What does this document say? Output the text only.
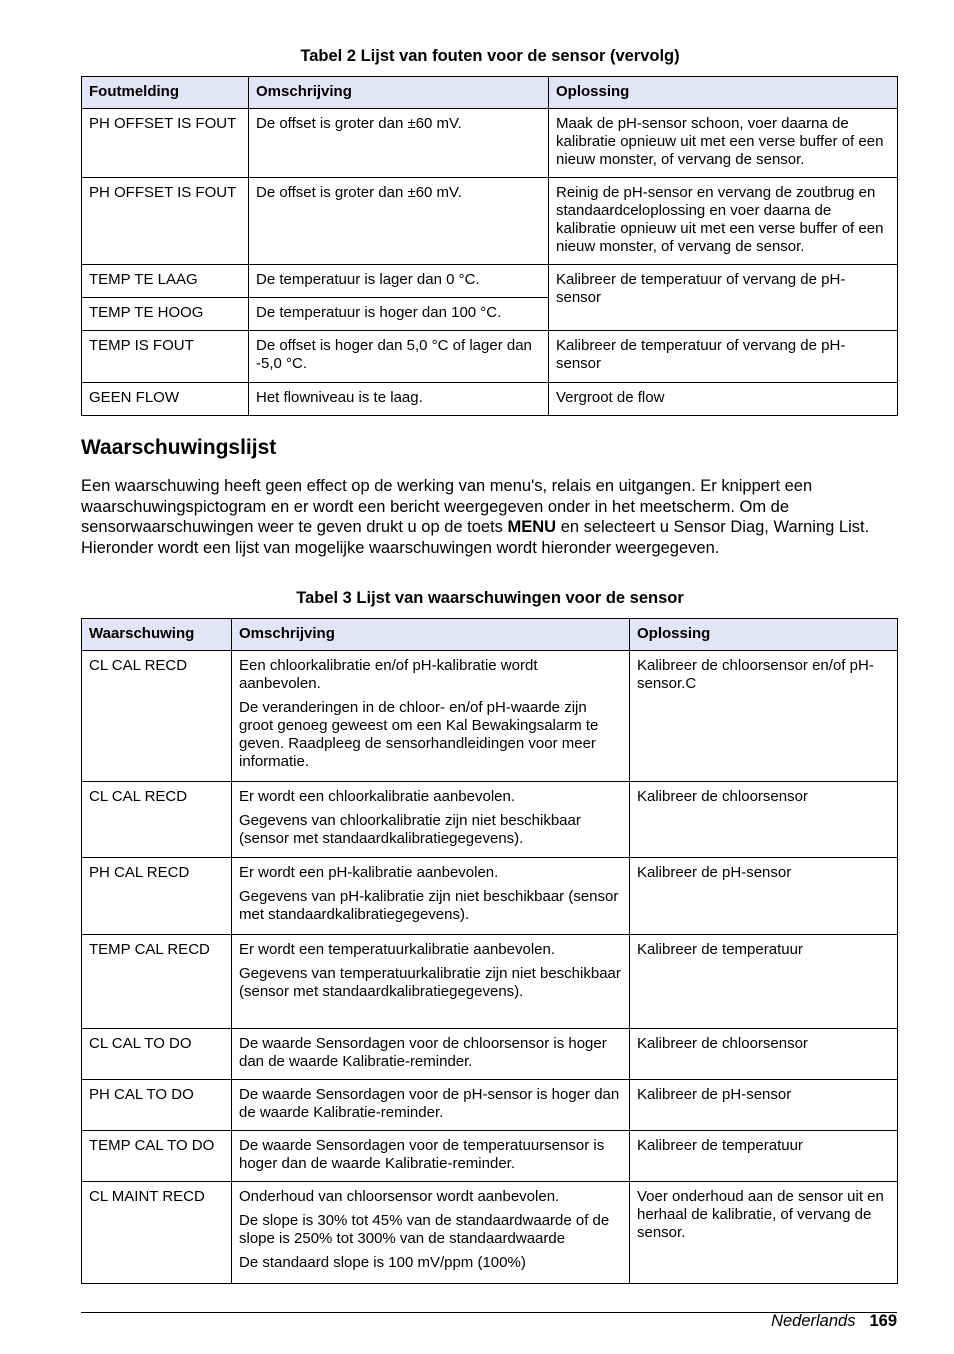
Tabel 2 Lijst van fouten voor de sensor (vervolg)
Foutmelding	Omschrijving	Oplossing
PH OFFSET IS FOUT	De offset is groter dan ±60 mV.	Maak de pH-sensor schoon, voer daarna de kalibratie opnieuw uit met een verse buffer of een nieuw monster, of vervang de sensor.
PH OFFSET IS FOUT	De offset is groter dan ±60 mV.	Reinig de pH-sensor en vervang de zoutbrug en standaardceloplossing en voer daarna de kalibratie opnieuw uit met een verse buffer of een nieuw monster, of vervang de sensor.
TEMP TE LAAG	De temperatuur is lager dan 0 °C.	Kalibreer de temperatuur of vervang de pH-sensor
TEMP TE HOOG	De temperatuur is hoger dan 100 °C.	
TEMP IS FOUT	De offset is hoger dan 5,0 °C of lager dan -5,0 °C.	Kalibreer de temperatuur of vervang de pH-sensor
GEEN FLOW	Het flowniveau is te laag.	Vergroot de flow
Waarschuwingslijst

Een waarschuwing heeft geen effect op de werking van menu's, relais en uitgangen. Er knippert een waarschuwingspictogram en er wordt een bericht weergegeven onder in het meetscherm. Om de sensorwaarschuwingen weer te geven drukt u op de toets MENU en selecteert u Sensor Diag, Warning List. Hieronder wordt een lijst van mogelijke waarschuwingen wordt hieronder weergegeven.

Tabel 3 Lijst van waarschuwingen voor de sensor
Waarschuwing	Omschrijving	Oplossing
CL CAL RECD	Een chloorkalibratie en/of pH-kalibratie wordt aanbevolen.

De veranderingen in de chloor- en/of pH-waarde zijn groot genoeg geweest om een Kal Bewakingsalarm te geven. Raadpleeg de sensorhandleidingen voor meer informatie.	Kalibreer de chloorsensor en/of pH-sensor.C
CL CAL RECD	Er wordt een chloorkalibratie aanbevolen.

Gegevens van chloorkalibratie zijn niet beschikbaar (sensor met standaardkalibratiegegevens).	Kalibreer de chloorsensor
PH CAL RECD	Er wordt een pH-kalibratie aanbevolen.

Gegevens van pH-kalibratie zijn niet beschikbaar (sensor met standaardkalibratiegegevens).	Kalibreer de pH-sensor
TEMP CAL RECD	Er wordt een temperatuurkalibratie aanbevolen.

Gegevens van temperatuurkalibratie zijn niet beschikbaar (sensor met standaardkalibratiegegevens).	Kalibreer de temperatuur
CL CAL TO DO	De waarde Sensordagen voor de chloorsensor is hoger dan de waarde Kalibratie-reminder.	Kalibreer de chloorsensor
PH CAL TO DO	De waarde Sensordagen voor de pH-sensor is hoger dan de waarde Kalibratie-reminder.	Kalibreer de pH-sensor
TEMP CAL TO DO	De waarde Sensordagen voor de temperatuursensor is hoger dan de waarde Kalibratie-reminder.	Kalibreer de temperatuur
CL MAINT RECD	Onderhoud van chloorsensor wordt aanbevolen.

De slope is 30% tot 45% van de standaardwaarde of de slope is 250% tot 300% van de standaardwaarde

De standaard slope is 100 mV/ppm (100%)	Voer onderhoud aan de sensor uit en herhaal de kalibratie, of vervang de sensor.
Nederlands 169
